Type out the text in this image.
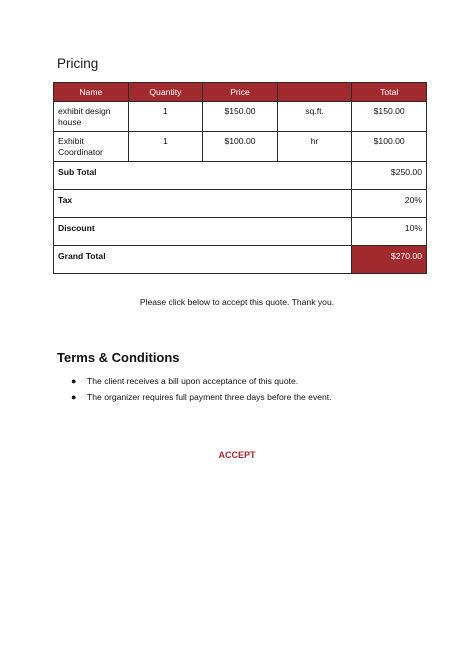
Pricing
Name	Quantity	Price		Total
exhibit design house	1	$150.00	sq.ft.	$150.00
Exhibit Coordinator	1	$100.00	hr	$100.00
Sub Total				$250.00
Tax				20%
Discount				10%
Grand Total				$270.00
Please click below to accept this quote. Thank you.
Terms & Conditions
● The client receives a bill upon acceptance of this quote.
● The organizer requires full payment three days before the event.
ACCEPT
